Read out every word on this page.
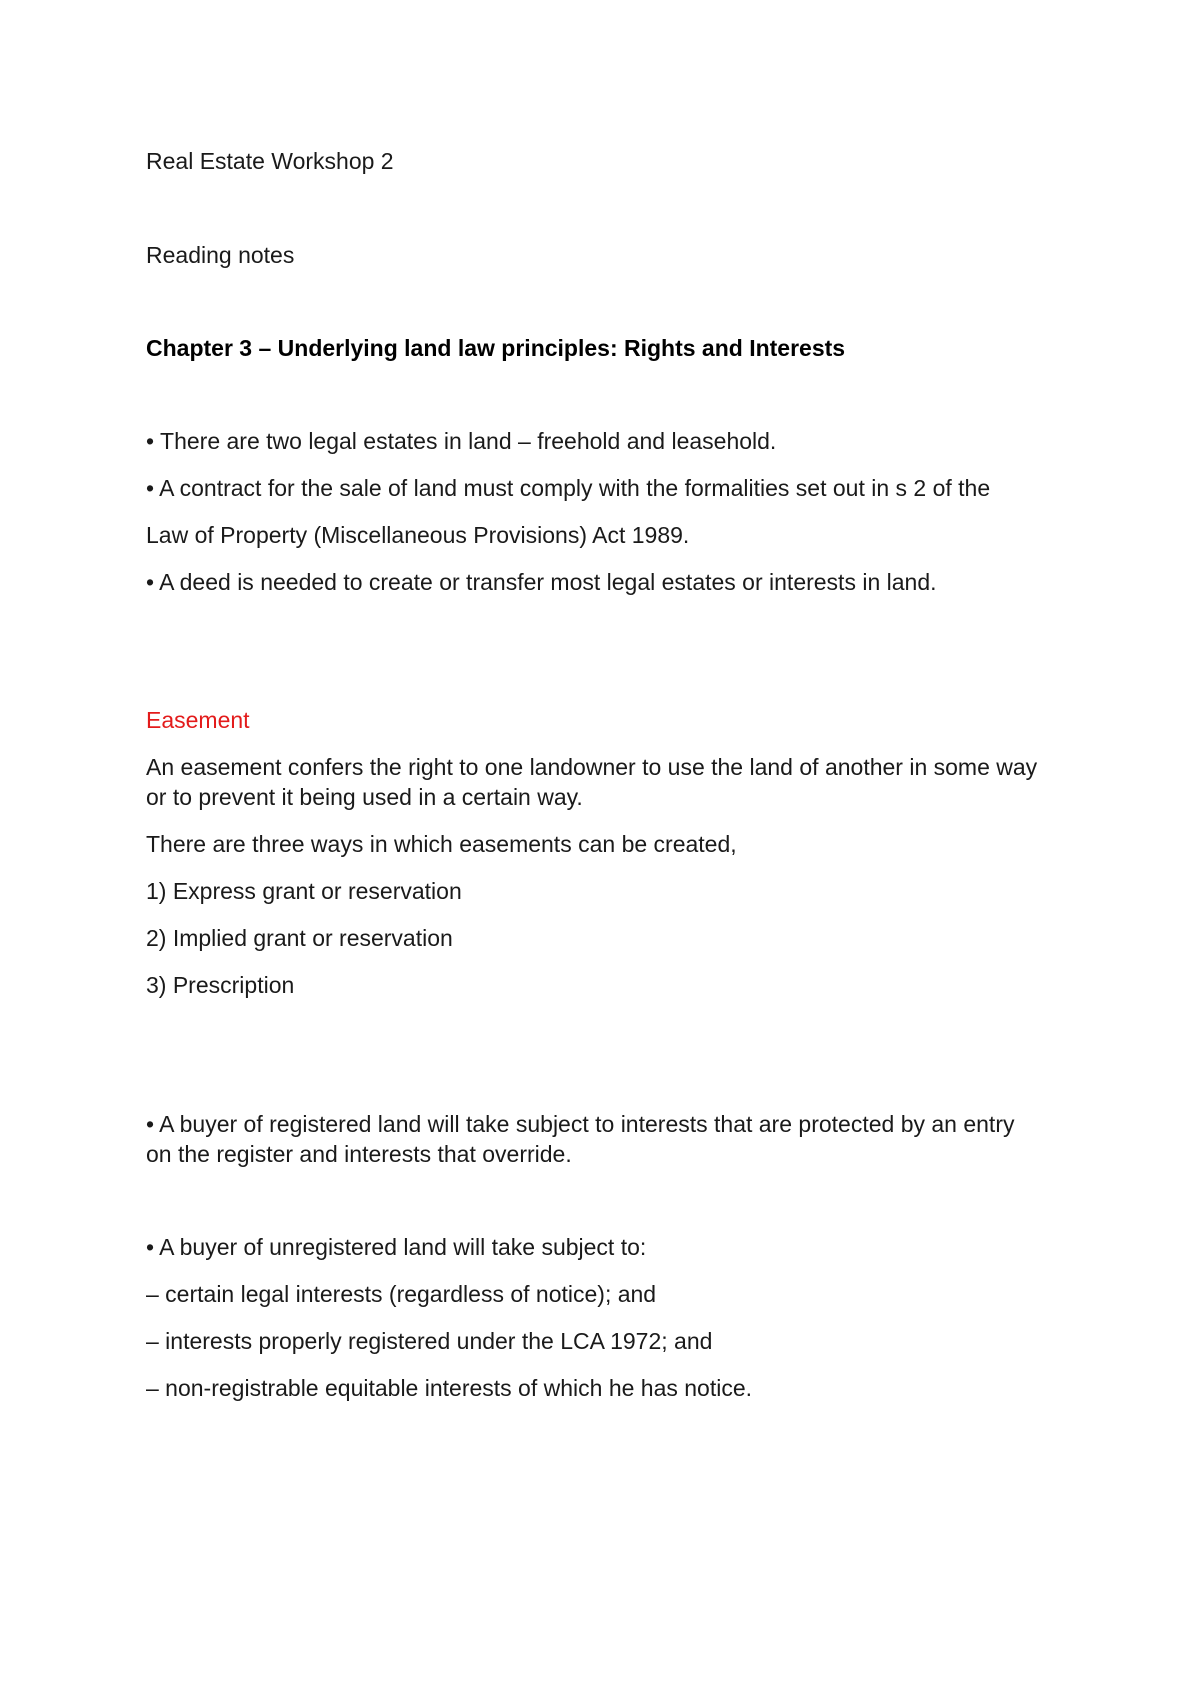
Real Estate Workshop 2

Reading notes

Chapter 3 – Underlying land law principles: Rights and Interests

• There are two legal estates in land – freehold and leasehold.

• A contract for the sale of land must comply with the formalities set out in s 2 of the

Law of Property (Miscellaneous Provisions) Act 1989.

• A deed is needed to create or transfer most legal estates or interests in land.

Easement

An easement confers the right to one landowner to use the land of another in some way or to prevent it being used in a certain way.

There are three ways in which easements can be created,

1) Express grant or reservation

2) Implied grant or reservation

3) Prescription

• A buyer of registered land will take subject to interests that are protected by an entry on the register and interests that override.

• A buyer of unregistered land will take subject to:

– certain legal interests (regardless of notice); and

– interests properly registered under the LCA 1972; and

– non-registrable equitable interests of which he has notice.
